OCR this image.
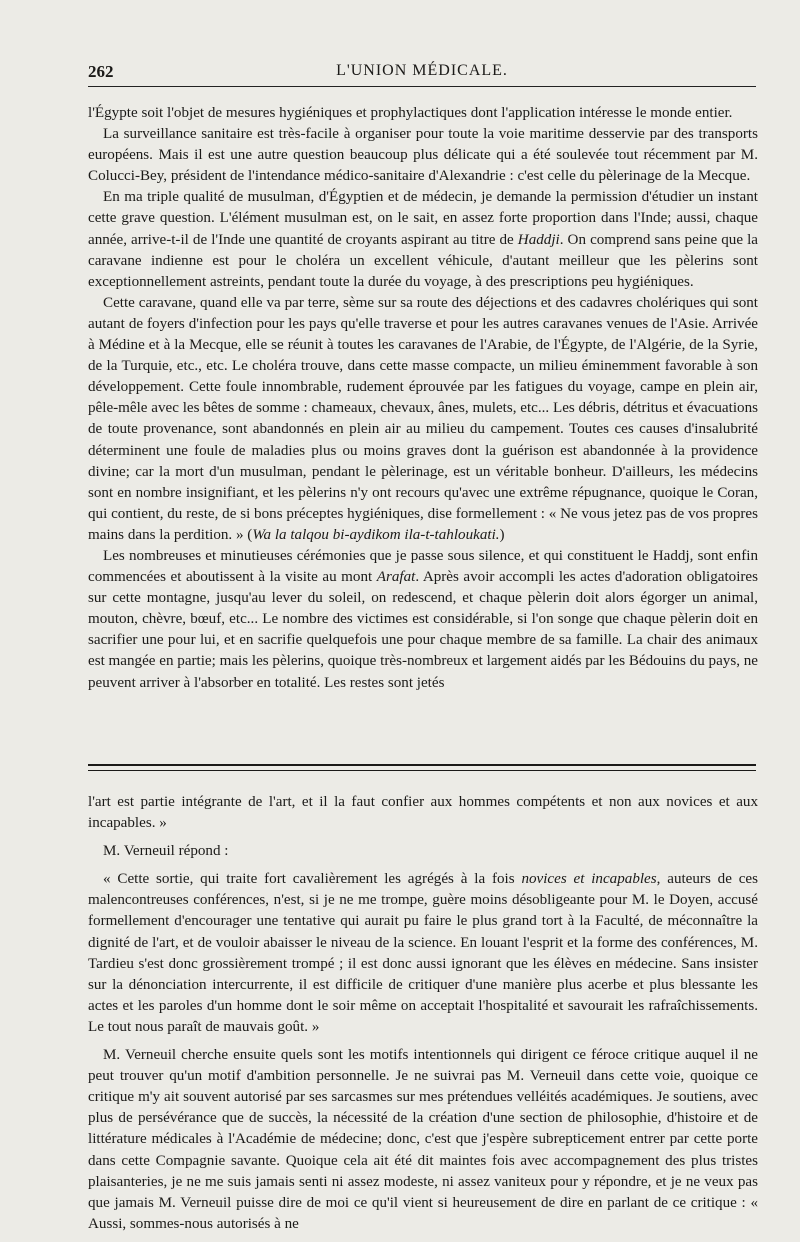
262	L'UNION MÉDICALE.

l'Égypte soit l'objet de mesures hygiéniques et prophylactiques dont l'application intéresse le monde entier.

La surveillance sanitaire est très-facile à organiser pour toute la voie maritime desservie par des transports européens. Mais il est une autre question beaucoup plus délicate qui a été soulevée tout récemment par M. Colucci-Bey, président de l'intendance médico-sanitaire d'Alexandrie : c'est celle du pèlerinage de la Mecque.

En ma triple qualité de musulman, d'Égyptien et de médecin, je demande la permission d'étudier un instant cette grave question. L'élément musulman est, on le sait, en assez forte proportion dans l'Inde; aussi, chaque année, arrive-t-il de l'Inde une quantité de croyants aspirant au titre de Haddji. On comprend sans peine que la caravane indienne est pour le choléra un excellent véhicule, d'autant meilleur que les pèlerins sont exceptionnellement astreints, pendant toute la durée du voyage, à des prescriptions peu hygiéniques.

Cette caravane, quand elle va par terre, sème sur sa route des déjections et des cadavres cholériques qui sont autant de foyers d'infection pour les pays qu'elle traverse et pour les autres caravanes venues de l'Asie. Arrivée à Médine et à la Mecque, elle se réunit à toutes les caravanes de l'Arabie, de l'Égypte, de l'Algérie, de la Syrie, de la Turquie, etc., etc. Le choléra trouve, dans cette masse compacte, un milieu éminemment favorable à son développement. Cette foule innombrable, rudement éprouvée par les fatigues du voyage, campe en plein air, pêle-mêle avec les bêtes de somme : chameaux, chevaux, ânes, mulets, etc... Les débris, détritus et évacuations de toute provenance, sont abandonnés en plein air au milieu du campement. Toutes ces causes d'insalubrité déterminent une foule de maladies plus ou moins graves dont la guérison est abandonnée à la providence divine; car la mort d'un musulman, pendant le pèlerinage, est un véritable bonheur. D'ailleurs, les médecins sont en nombre insignifiant, et les pèlerins n'y ont recours qu'avec une extrême répugnance, quoique le Coran, qui contient, du reste, de si bons préceptes hygiéniques, dise formellement : « Ne vous jetez pas de vos propres mains dans la perdition. » (Wa la talqou bi-aydikom ila-t-tahloukati.)

Les nombreuses et minutieuses cérémonies que je passe sous silence, et qui constituent le Haddj, sont enfin commencées et aboutissent à la visite au mont Arafat. Après avoir accompli les actes d'adoration obligatoires sur cette montagne, jusqu'au lever du soleil, on redescend, et chaque pèlerin doit alors égorger un animal, mouton, chèvre, bœuf, etc... Le nombre des victimes est considérable, si l'on songe que chaque pèlerin doit en sacrifier une pour lui, et en sacrifie quelquefois une pour chaque membre de sa famille. La chair des animaux est mangée en partie; mais les pèlerins, quoique très-nombreux et largement aidés par les Bédouins du pays, ne peuvent arriver à l'absorber en totalité. Les restes sont jetés

l'art est partie intégrante de l'art, et il la faut confier aux hommes compétents et non aux novices et aux incapables. »

M. Verneuil répond :

« Cette sortie, qui traite fort cavalièrement les agrégés à la fois novices et incapables, auteurs de ces malencontreuses conférences, n'est, si je ne me trompe, guère moins désobligeante pour M. le Doyen, accusé formellement d'encourager une tentative qui aurait pu faire le plus grand tort à la Faculté, de méconnaître la dignité de l'art, et de vouloir abaisser le niveau de la science. En louant l'esprit et la forme des conférences, M. Tardieu s'est donc grossièrement trompé ; il est donc aussi ignorant que les élèves en médecine. Sans insister sur la dénonciation intercurrente, il est difficile de critiquer d'une manière plus acerbe et plus blessante les actes et les paroles d'un homme dont le soir même on acceptait l'hospitalité et savourait les rafraîchissements. Le tout nous paraît de mauvais goût. »

M. Verneuil cherche ensuite quels sont les motifs intentionnels qui dirigent ce féroce critique auquel il ne peut trouver qu'un motif d'ambition personnelle. Je ne suivrai pas M. Verneuil dans cette voie, quoique ce critique m'y ait souvent autorisé par ses sarcasmes sur mes prétendues velléités académiques. Je soutiens, avec plus de persévérance que de succès, la nécessité de la création d'une section de philosophie, d'histoire et de littérature médicales à l'Académie de médecine; donc, c'est que j'espère subrepticement entrer par cette porte dans cette Compagnie savante. Quoique cela ait été dit maintes fois avec accompagnement des plus tristes plaisanteries, je ne me suis jamais senti ni assez modeste, ni assez vaniteux pour y répondre, et je ne veux pas que jamais M. Verneuil puisse dire de moi ce qu'il vient si heureusement de dire en parlant de ce critique : « Aussi, sommes-nous autorisés à ne
